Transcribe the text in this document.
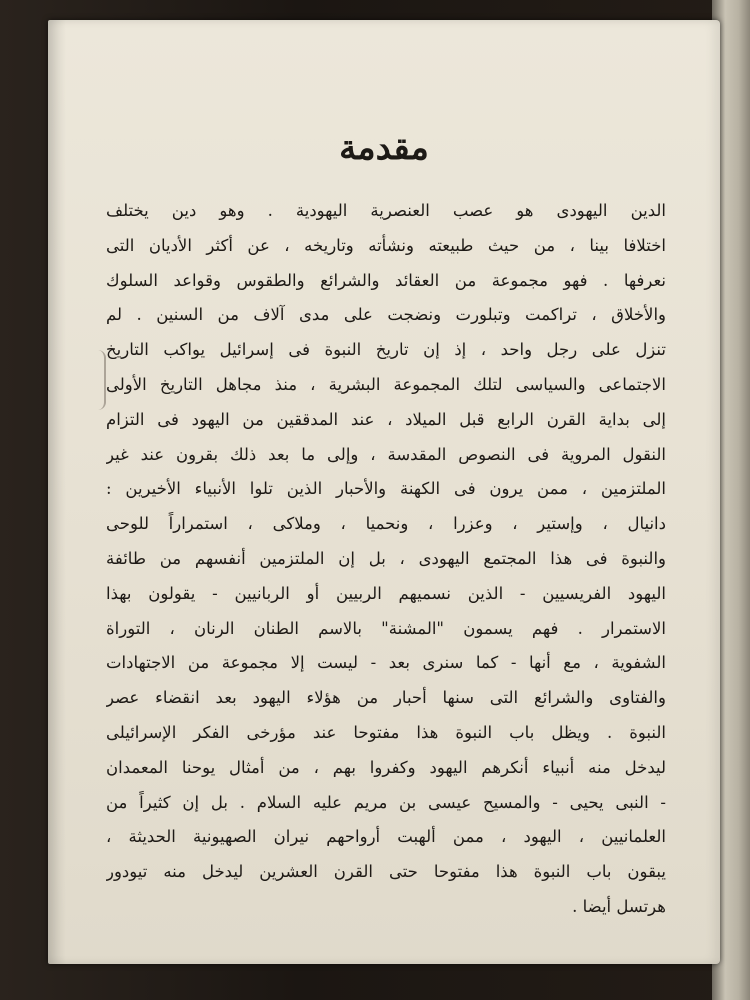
مقدمة
الدين اليهودى هو عصب العنصرية اليهودية . وهو دين يختلف
اختلافا بينا ، من حيث طبيعته ونشأته وتاريخه ، عن أكثر الأديان التى
نعرفها . فهو مجموعة من العقائد والشرائع والطقوس وقواعد السلوك
والأخلاق ، تراكمت وتبلورت ونضجت على مدى آلاف من السنين . لم
تنزل على رجل واحد ، إذ إن تاريخ النبوة فى إسرائيل يواكب التاريخ
الاجتماعى والسياسى لتلك المجموعة البشرية ، منذ مجاهل التاريخ الأولى
إلى بداية القرن الرابع قبل الميلاد ، عند المدققين من اليهود فى التزام
النقول المروية فى النصوص المقدسة ، وإلى ما بعد ذلك بقرون عند غير
الملتزمين ، ممن يرون فى الكهنة والأحبار الذين تلوا الأنبياء الأخيرين :
دانيال ، وإستير ، وعزرا ، ونحميا ، وملاكى ، استمراراً للوحى
والنبوة فى هذا المجتمع اليهودى ، بل إن الملتزمين أنفسهم من طائفة
اليهود الفريسيين - الذين نسميهم الربيين أو الربانيين - يقولون بهذا
الاستمرار . فهم يسمون "المشنة" بالاسم الطنان الرنان ، التوراة
الشفوية ، مع أنها - كما سنرى بعد - ليست إلا مجموعة من الاجتهادات
والفتاوى والشرائع التى سنها أحبار من هؤلاء اليهود بعد انقضاء عصر
النبوة . ويظل باب النبوة هذا مفتوحا عند مؤرخى الفكر الإسرائيلى
ليدخل منه أنبياء أنكرهم اليهود وكفروا بهم ، من أمثال يوحنا المعمدان
- النبى يحيى - والمسيح عيسى بن مريم عليه السلام . بل إن كثيراً من
العلمانيين ، اليهود ، ممن ألهبت أرواحهم نيران الصهيونية الحديثة ،
يبقون باب النبوة هذا مفتوحا حتى القرن العشرين ليدخل منه تيودور
هرتسل أيضا .
